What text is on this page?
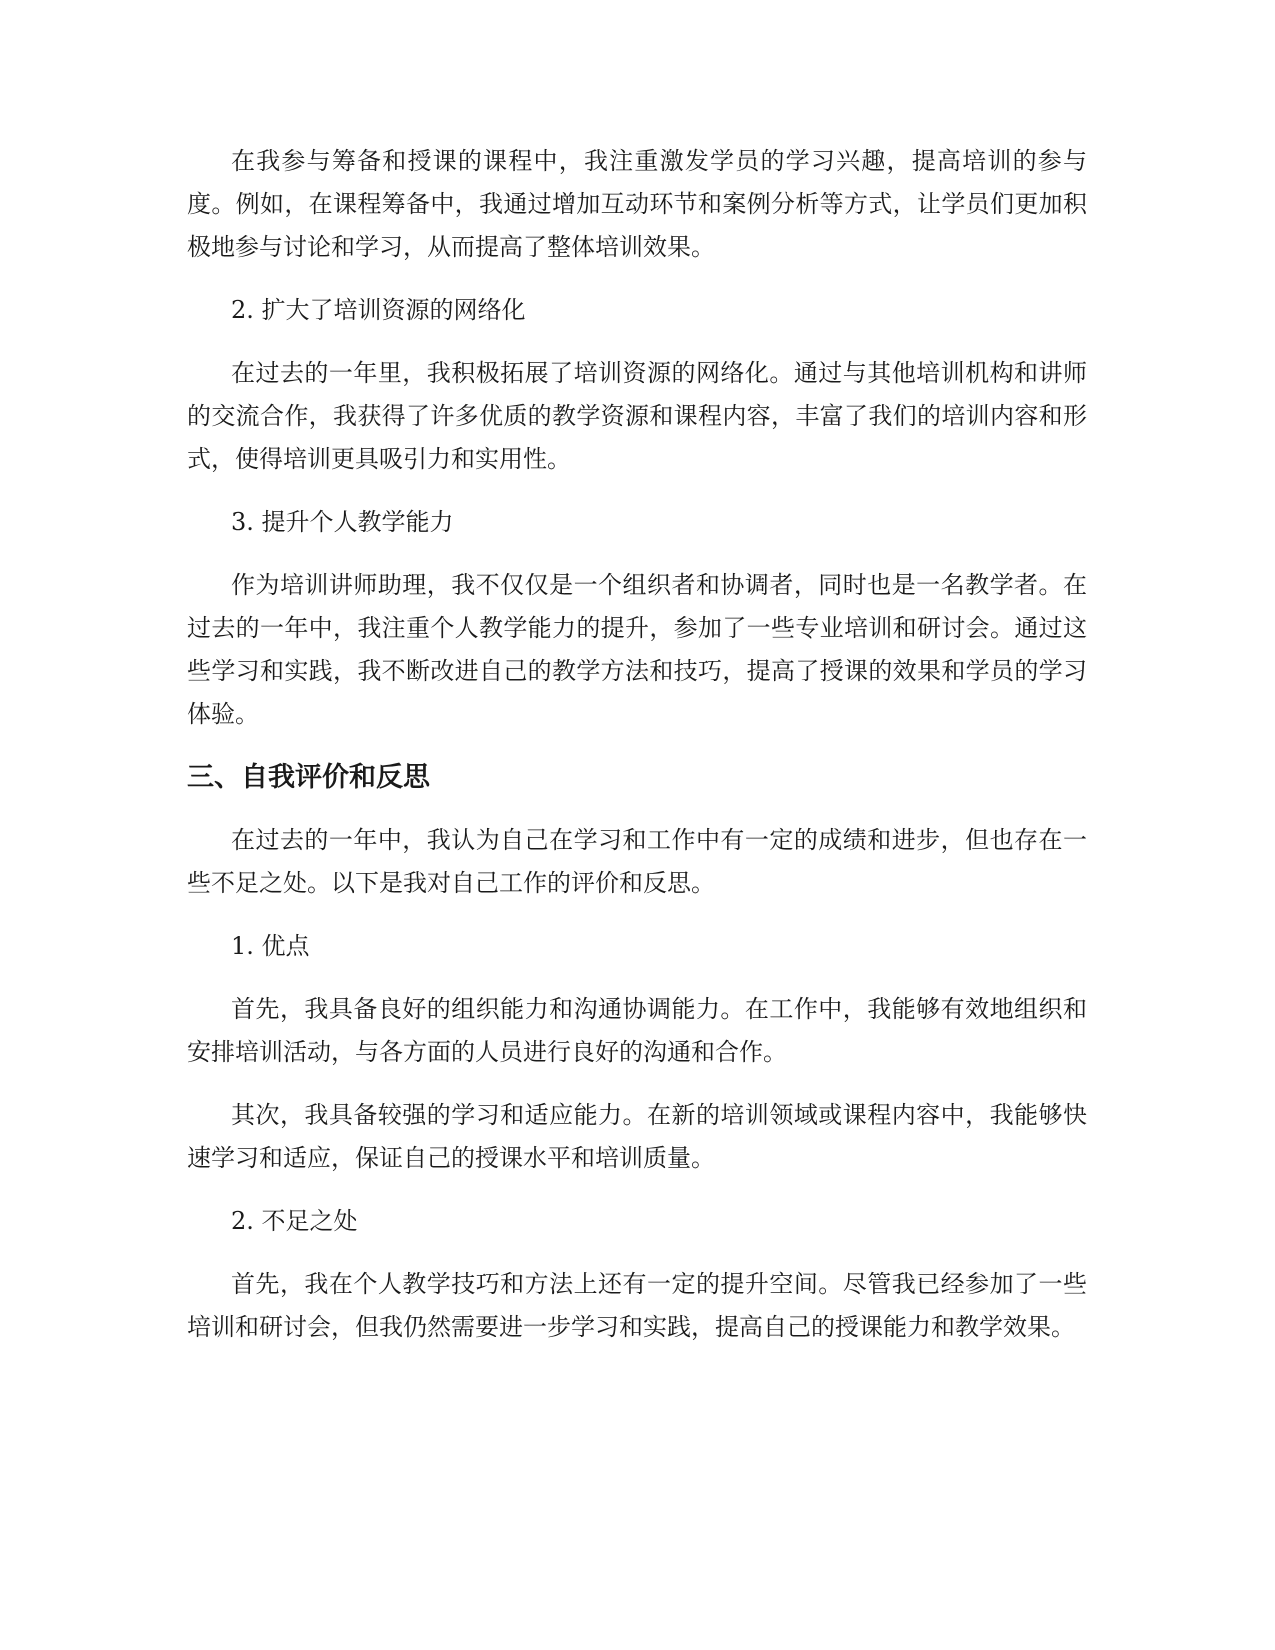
在我参与筹备和授课的课程中，我注重激发学员的学习兴趣，提高培训的参与度。例如，在课程筹备中，我通过增加互动环节和案例分析等方式，让学员们更加积极地参与讨论和学习，从而提高了整体培训效果。

2. 扩大了培训资源的网络化

在过去的一年里，我积极拓展了培训资源的网络化。通过与其他培训机构和讲师的交流合作，我获得了许多优质的教学资源和课程内容，丰富了我们的培训内容和形式，使得培训更具吸引力和实用性。

3. 提升个人教学能力

作为培训讲师助理，我不仅仅是一个组织者和协调者，同时也是一名教学者。在过去的一年中，我注重个人教学能力的提升，参加了一些专业培训和研讨会。通过这些学习和实践，我不断改进自己的教学方法和技巧，提高了授课的效果和学员的学习体验。

三、自我评价和反思

在过去的一年中，我认为自己在学习和工作中有一定的成绩和进步，但也存在一些不足之处。以下是我对自己工作的评价和反思。

1. 优点

首先，我具备良好的组织能力和沟通协调能力。在工作中，我能够有效地组织和安排培训活动，与各方面的人员进行良好的沟通和合作。

其次，我具备较强的学习和适应能力。在新的培训领域或课程内容中，我能够快速学习和适应，保证自己的授课水平和培训质量。

2. 不足之处

首先，我在个人教学技巧和方法上还有一定的提升空间。尽管我已经参加了一些培训和研讨会，但我仍然需要进一步学习和实践，提高自己的授课能力和教学效果。
